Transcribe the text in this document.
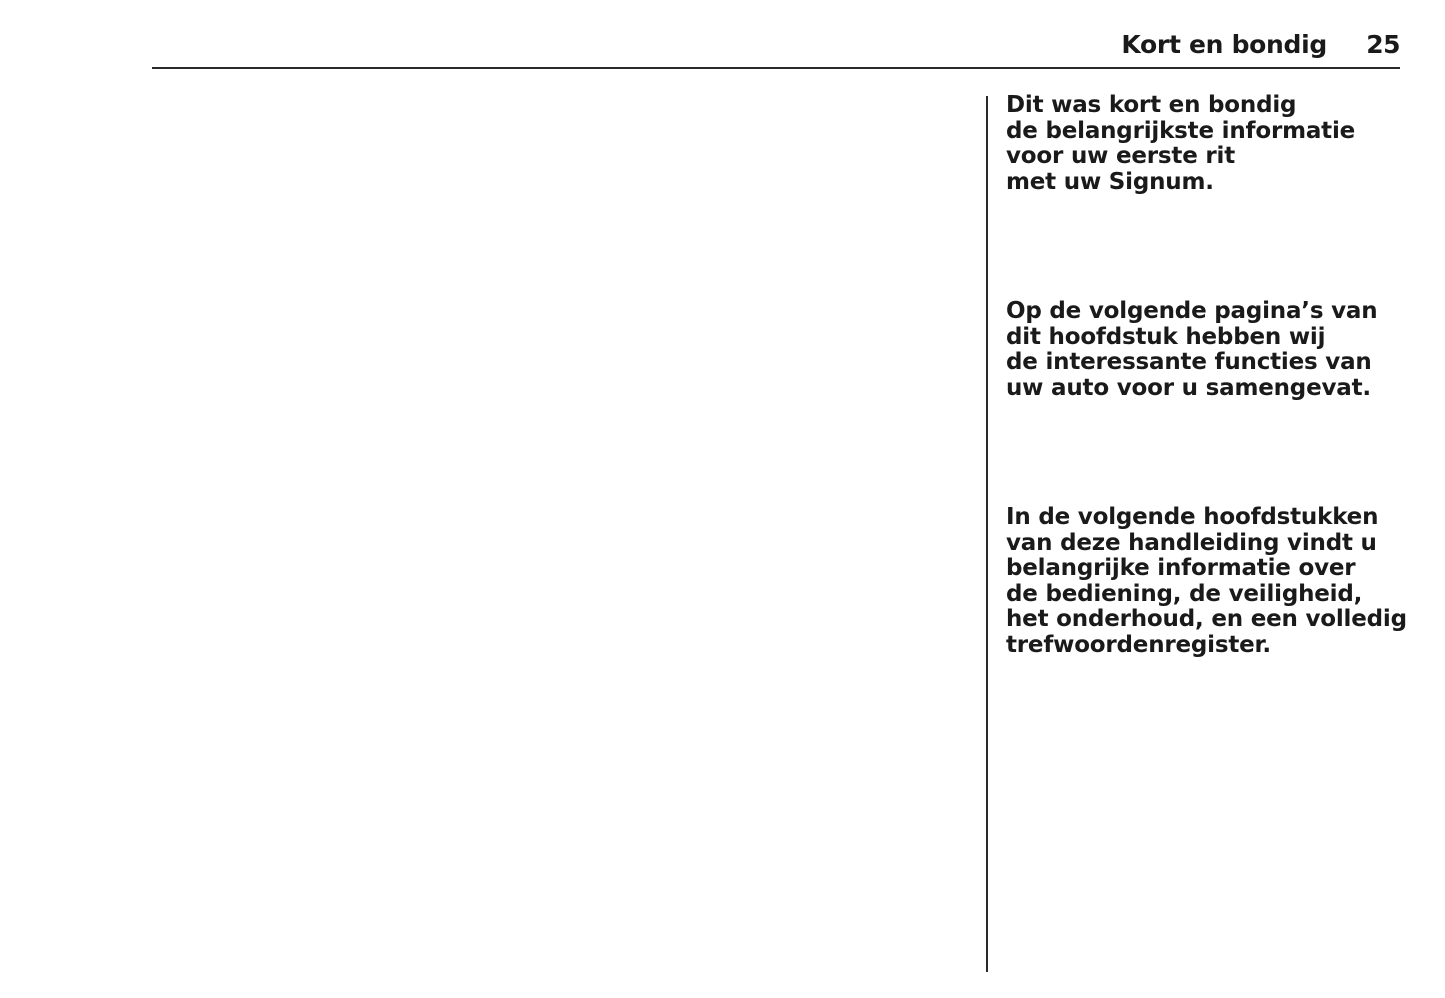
Kort en bondig 25

Dit was kort en bondig
de belangrijkste informatie
voor uw eerste rit
met uw Signum.

Op de volgende pagina’s van
dit hoofdstuk hebben wij
de interessante functies van
uw auto voor u samengevat.

In de volgende hoofdstukken
van deze handleiding vindt u
belangrijke informatie over
de bediening, de veiligheid,
het onderhoud, en een volledig
trefwoordenregister.
